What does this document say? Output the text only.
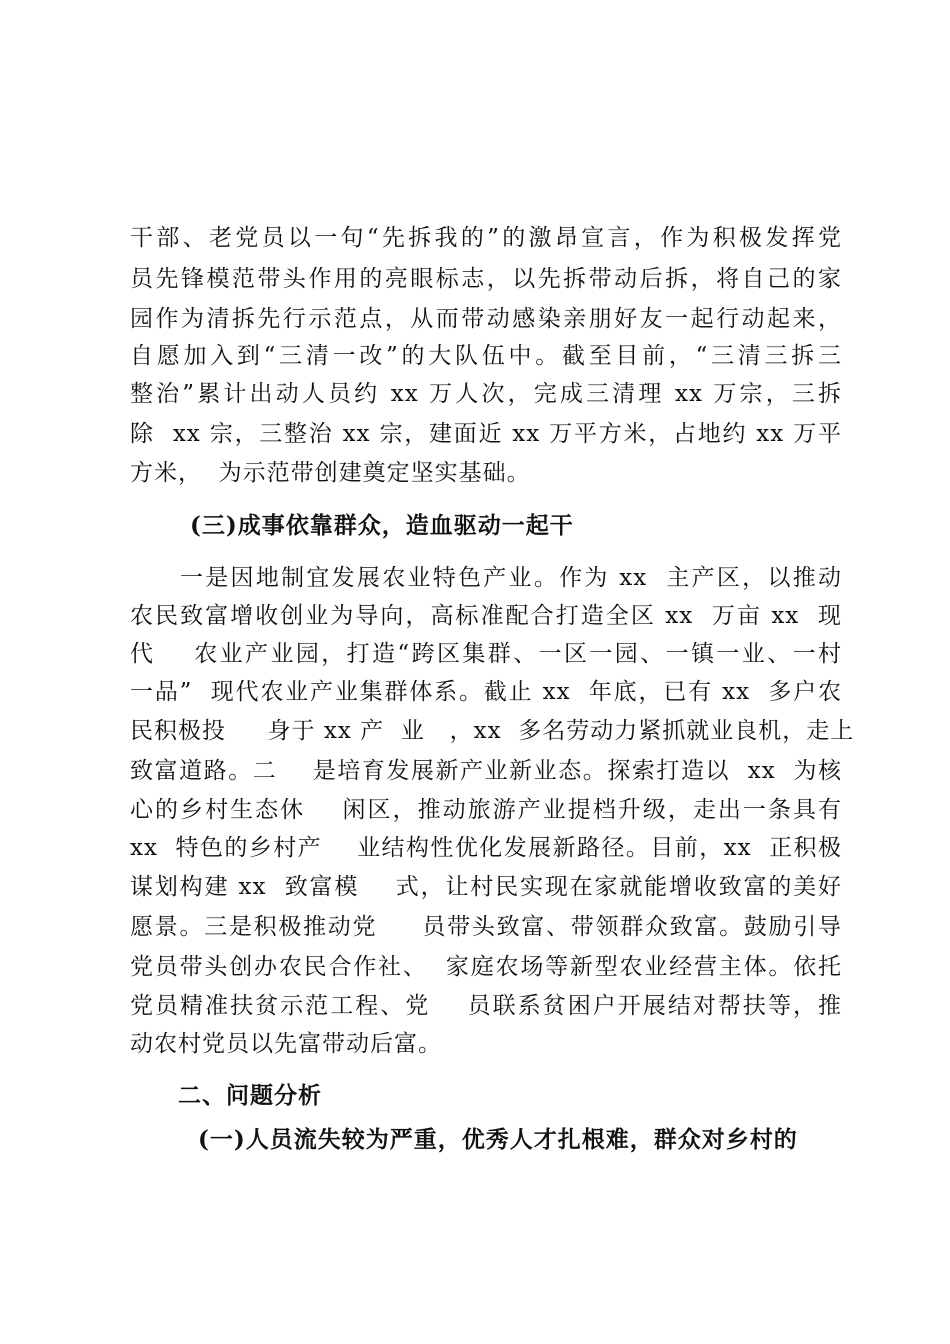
干部、老党员以一句“先拆我的”的激昂宣言，作为积极发挥党
员先锋模范带头作用的亮眼标志，以先拆带动后拆，将自己的家
园作为清拆先行示范点，从而带动感染亲朋好友一起行动起来，
自愿加入到“三清一改”的大队伍中。截至目前，“三清三拆三
整治”累计出动人员约 xx 万人次，完成三清理 xx 万宗，三拆
除  xx 宗，三整治 xx 宗，建面近 xx 万平方米，占地约 xx 万平
方米，  为示范带创建奠定坚实基础。
(三)成事依靠群众，造血驱动一起干
一是因地制宜发展农业特色产业。作为 xx  主产区，以推动
农民致富增收创业为导向，高标准配合打造全区 xx  万亩 xx  现
代    农业产业园，打造“跨区集群、一区一园、一镇一业、一村
一品”  现代农业产业集群体系。截止 xx  年底，已有 xx  多户农
民积极投     身于 xx 产  业   ，xx  多名劳动力紧抓就业良机，走上
致富道路。二    是培育发展新产业新业态。探索打造以  xx  为核
心的乡村生态休    闲区，推动旅游产业提档升级，走出一条具有
xx  特色的乡村产    业结构性优化发展新路径。目前，xx  正积极
谋划构建 xx  致富模    式，让村民实现在家就能增收致富的美好
愿景。三是积极推动党     员带头致富、带领群众致富。鼓励引导
党员带头创办农民合作社、  家庭农场等新型农业经营主体。依托
党员精准扶贫示范工程、党    员联系贫困户开展结对帮扶等，推
动农村党员以先富带动后富。
二、问题分析
(一)人员流失较为严重，优秀人才扎根难，群众对乡村的
